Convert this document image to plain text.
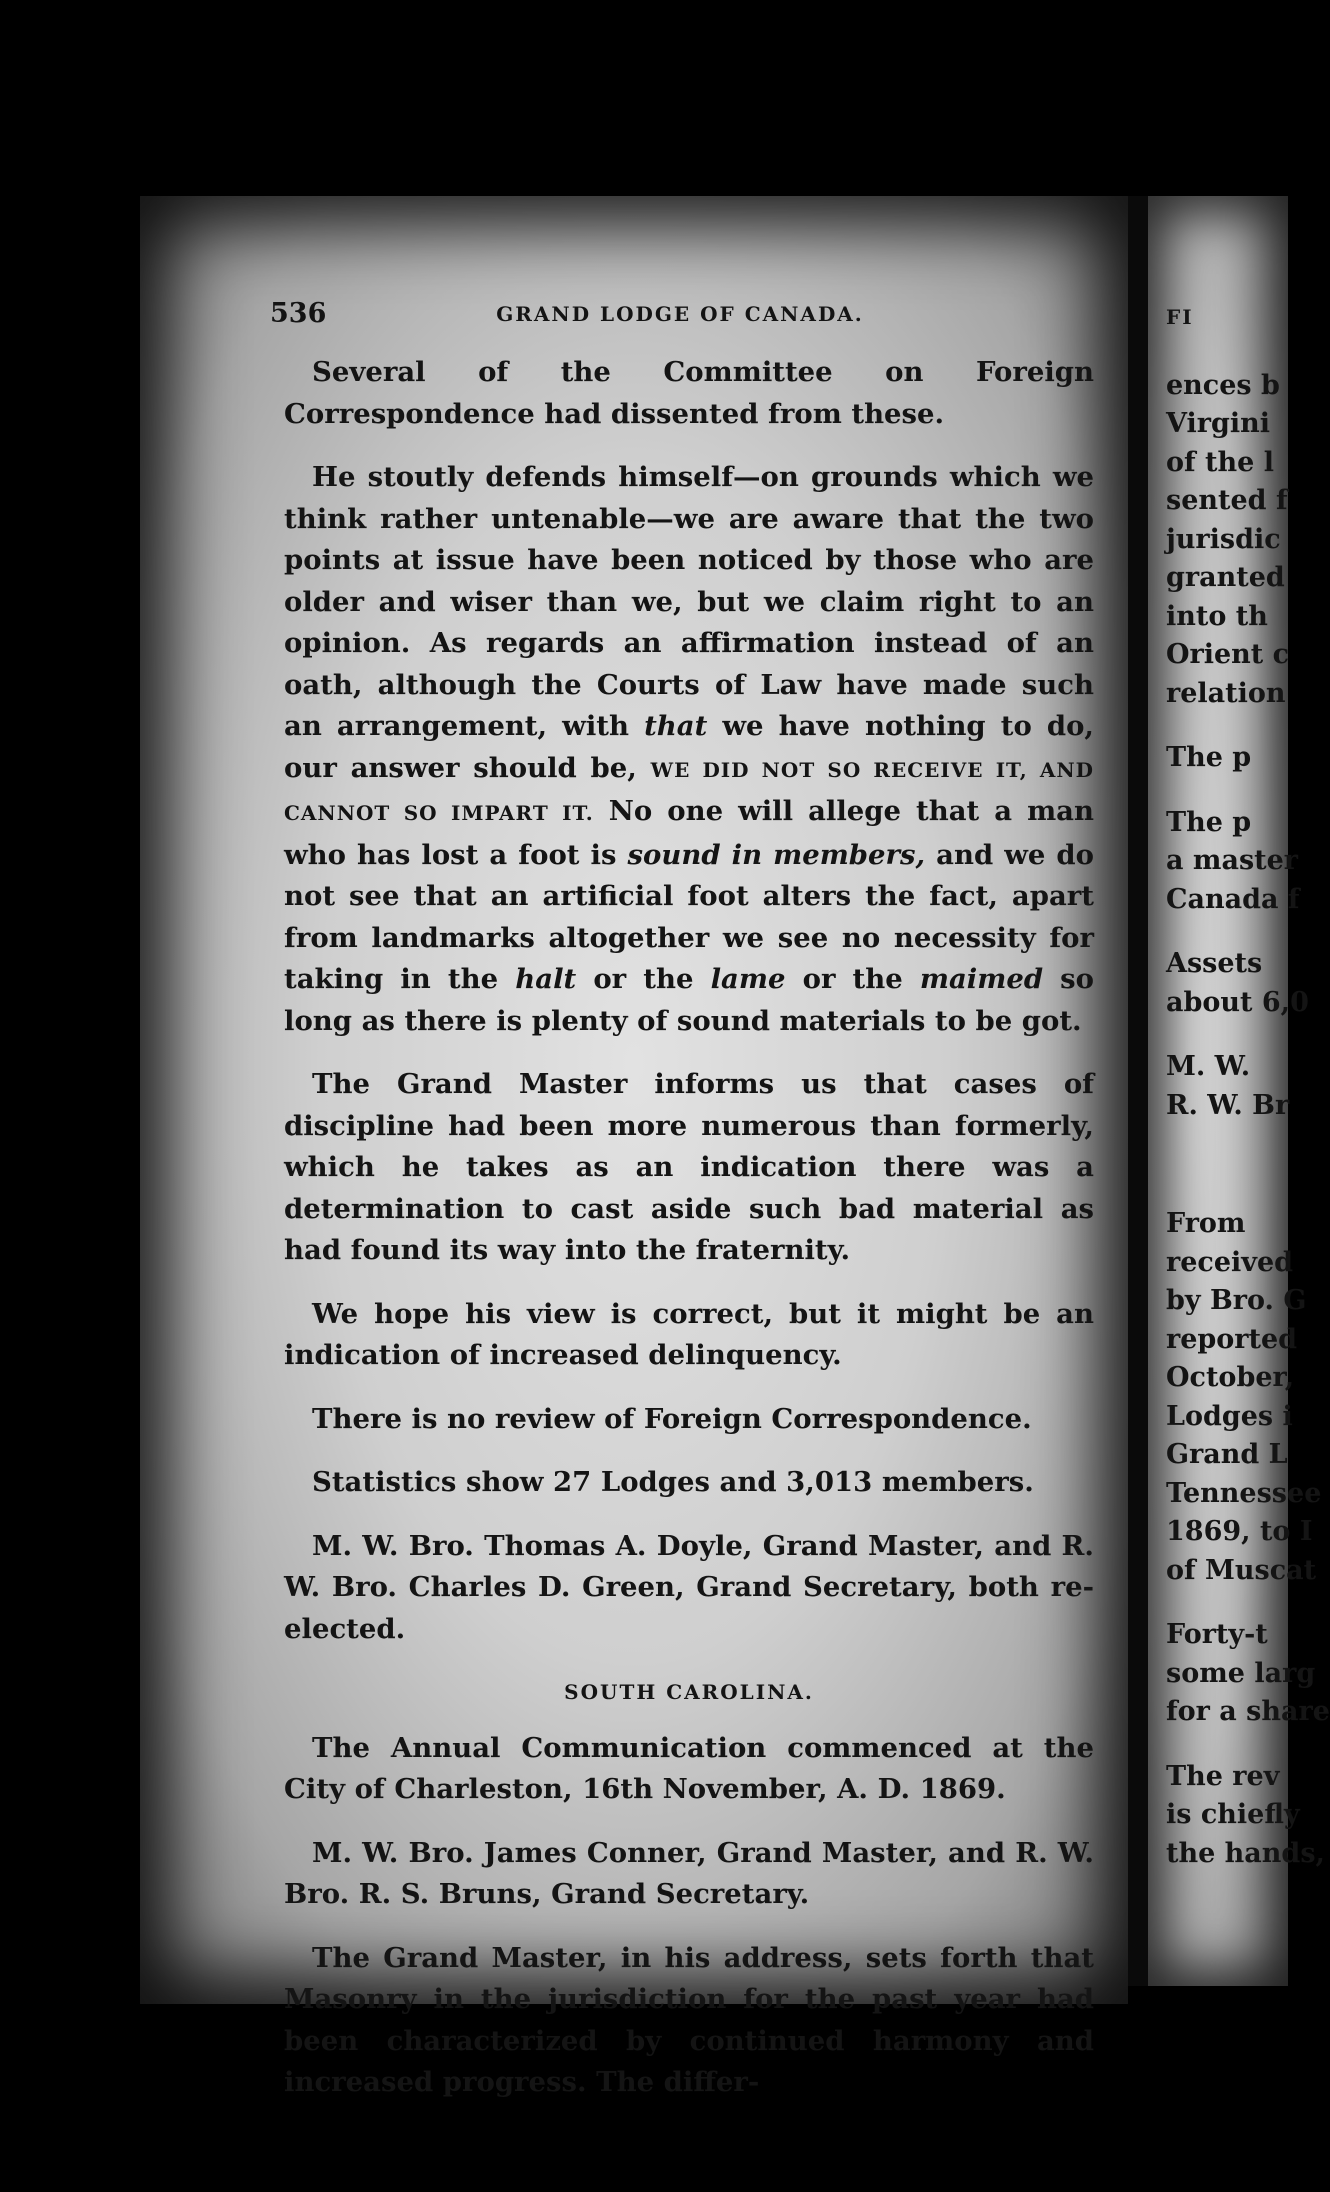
FI
ences b
Virgini
of the l
sented f
jurisdic
granted
into th
Orient c
relation
The p
The p
a master
Canada f
Assets
about 6,0
M. W.
R. W. Br
From
received
by Bro. G
reported
October,
Lodges i
Grand L
Tennessee
1869, to I
of Muscat
Forty-t
some larg
for a share
The rev
is chiefly
the hands,
536	GRAND LODGE OF CANADA.

Several of the Committee on Foreign Correspondence had dissented from these.

He stoutly defends himself—on grounds which we think rather untenable—we are aware that the two points at issue have been noticed by those who are older and wiser than we, but we claim right to an opinion. As regards an affirmation instead of an oath, although the Courts of Law have made such an arrangement, with that we have nothing to do, our answer should be, WE DID NOT SO RECEIVE IT, AND CANNOT SO IMPART IT. No one will allege that a man who has lost a foot is sound in members, and we do not see that an artificial foot alters the fact, apart from landmarks altogether we see no necessity for taking in the halt or the lame or the maimed so long as there is plenty of sound materials to be got.

The Grand Master informs us that cases of discipline had been more numerous than formerly, which he takes as an indication there was a determination to cast aside such bad material as had found its way into the fraternity.

We hope his view is correct, but it might be an indication of increased delinquency.

There is no review of Foreign Correspondence.

Statistics show 27 Lodges and 3,013 members.

M. W. Bro. Thomas A. Doyle, Grand Master, and R. W. Bro. Charles D. Green, Grand Secretary, both re-elected.

SOUTH CAROLINA.

The Annual Communication commenced at the City of Charleston, 16th November, A. D. 1869.

M. W. Bro. James Conner, Grand Master, and R. W. Bro. R. S. Bruns, Grand Secretary.

The Grand Master, in his address, sets forth that Masonry in the jurisdiction for the past year had been characterized by continued harmony and increased progress. The differ-
